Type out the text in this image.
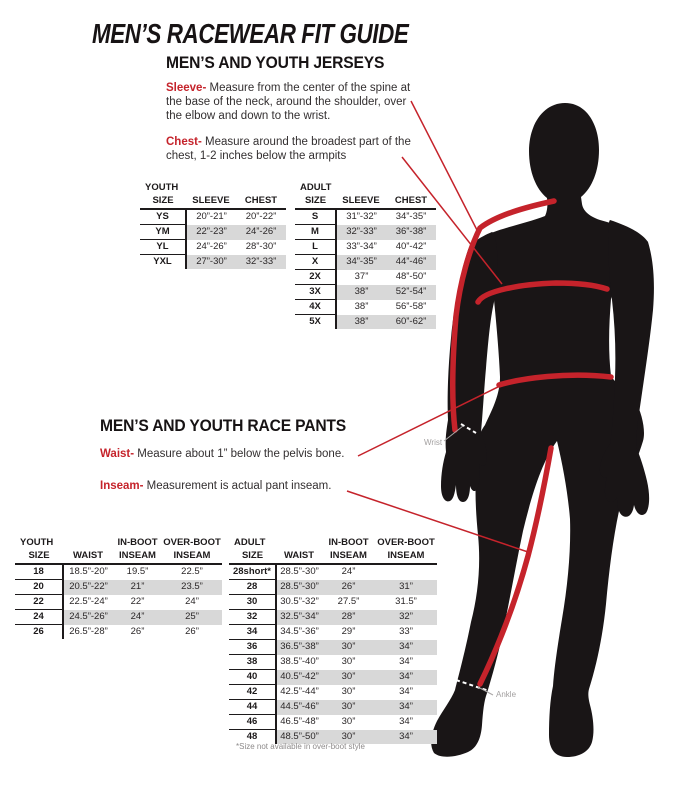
MEN’S RACEWEAR FIT GUIDE
MEN’S AND YOUTH JERSEYS

Sleeve- Measure from the center of the spine at the base of the neck, around the shoulder, over the elbow and down to the wrist.

Chest- Measure around the broadest part of the chest, 1-2 inches below the armpits

MEN’S AND YOUTH RACE PANTS

Waist- Measure about 1” below the pelvis bone.

Inseam- Measurement is actual pant inseam.

YOUTH		
SIZE	SLEEVE	CHEST
YS	20”-21”	20”-22”
YM	22”-23”	24”-26”
YL	24”-26”	28”-30”
YXL	27”-30”	32”-33”
ADULT		
SIZE	SLEEVE	CHEST
S	31”-32”	34”-35”
M	32”-33”	36”-38”
L	33”-34”	40”-42”
X	34”-35”	44”-46”
2X	37”	48”-50”
3X	38”	52”-54”
4X	38”	56”-58”
5X	38”	60”-62”
YOUTH		IN-BOOT	OVER-BOOT
SIZE	WAIST	INSEAM	INSEAM
18	18.5”-20”	19.5”	22.5”
20	20.5”-22”	21”	23.5”
22	22.5”-24”	22”	24”
24	24.5”-26”	24”	25”
26	26.5”-28”	26”	26”
ADULT		IN-BOOT	OVER-BOOT
SIZE	WAIST	INSEAM	INSEAM
28short*	28.5”-30”	24”	
28	28.5”-30”	26”	31”
30	30.5”-32”	27.5”	31.5”
32	32.5”-34”	28”	32”
34	34.5”-36”	29”	33”
36	36.5”-38”	30”	34”
38	38.5”-40”	30”	34”
40	40.5”-42”	30”	34”
42	42.5”-44”	30”	34”
44	44.5”-46”	30”	34”
46	46.5”-48”	30”	34”
48	48.5”-50”	30”	34”
*Size not available in over-boot style
Wrist
Ankle
